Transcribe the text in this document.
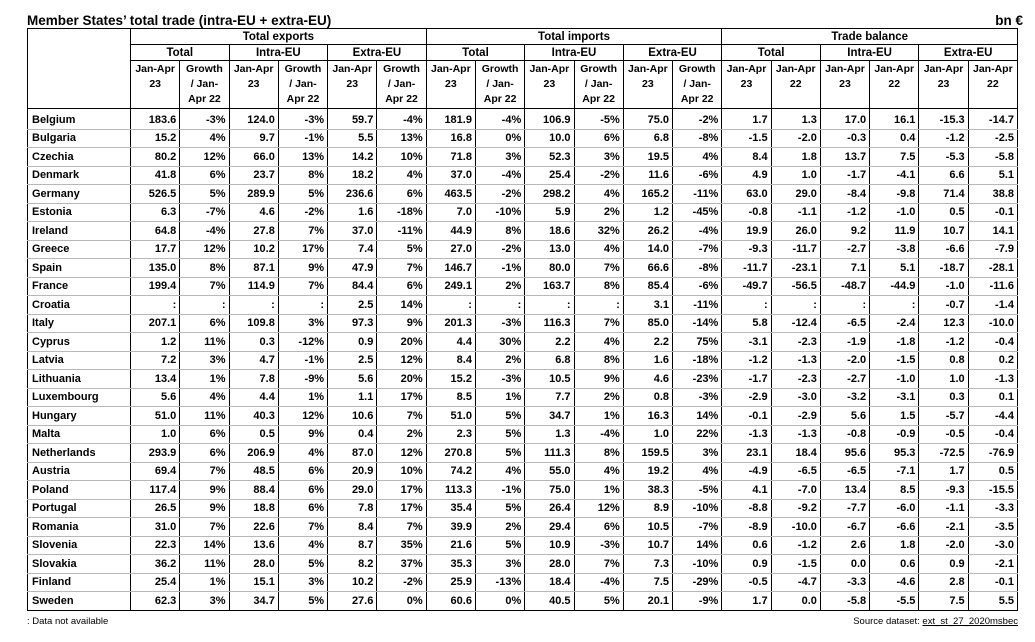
Member States’ total trade (intra-EU + extra-EU)	bn €
	Total exports						Total imports						Trade balance					
	Total		Intra-EU		Extra-EU		Total		Intra-EU		Extra-EU		Total		Intra-EU		Extra-EU	
	Jan-Apr 23	Growth / Jan-Apr 22	Jan-Apr 23	Growth / Jan-Apr 22	Jan-Apr 23	Growth / Jan-Apr 22	Jan-Apr 23	Growth / Jan-Apr 22	Jan-Apr 23	Growth / Jan-Apr 22	Jan-Apr 23	Growth / Jan-Apr 22	Jan-Apr 23	Jan-Apr 22	Jan-Apr 23	Jan-Apr 22	Jan-Apr 23	Jan-Apr 22
Belgium	183.6	-3%	124.0	-3%	59.7	-4%	181.9	-4%	106.9	-5%	75.0	-2%	1.7	1.3	17.0	16.1	-15.3	-14.7
Bulgaria	15.2	4%	9.7	-1%	5.5	13%	16.8	0%	10.0	6%	6.8	-8%	-1.5	-2.0	-0.3	0.4	-1.2	-2.5
Czechia	80.2	12%	66.0	13%	14.2	10%	71.8	3%	52.3	3%	19.5	4%	8.4	1.8	13.7	7.5	-5.3	-5.8
Denmark	41.8	6%	23.7	8%	18.2	4%	37.0	-4%	25.4	-2%	11.6	-6%	4.9	1.0	-1.7	-4.1	6.6	5.1
Germany	526.5	5%	289.9	5%	236.6	6%	463.5	-2%	298.2	4%	165.2	-11%	63.0	29.0	-8.4	-9.8	71.4	38.8
Estonia	6.3	-7%	4.6	-2%	1.6	-18%	7.0	-10%	5.9	2%	1.2	-45%	-0.8	-1.1	-1.2	-1.0	0.5	-0.1
Ireland	64.8	-4%	27.8	7%	37.0	-11%	44.9	8%	18.6	32%	26.2	-4%	19.9	26.0	9.2	11.9	10.7	14.1
Greece	17.7	12%	10.2	17%	7.4	5%	27.0	-2%	13.0	4%	14.0	-7%	-9.3	-11.7	-2.7	-3.8	-6.6	-7.9
Spain	135.0	8%	87.1	9%	47.9	7%	146.7	-1%	80.0	7%	66.6	-8%	-11.7	-23.1	7.1	5.1	-18.7	-28.1
France	199.4	7%	114.9	7%	84.4	6%	249.1	2%	163.7	8%	85.4	-6%	-49.7	-56.5	-48.7	-44.9	-1.0	-11.6
Croatia	:	:	:	:	2.5	14%	:	:	:	:	3.1	-11%	:	:	:	:	-0.7	-1.4
Italy	207.1	6%	109.8	3%	97.3	9%	201.3	-3%	116.3	7%	85.0	-14%	5.8	-12.4	-6.5	-2.4	12.3	-10.0
Cyprus	1.2	11%	0.3	-12%	0.9	20%	4.4	30%	2.2	4%	2.2	75%	-3.1	-2.3	-1.9	-1.8	-1.2	-0.4
Latvia	7.2	3%	4.7	-1%	2.5	12%	8.4	2%	6.8	8%	1.6	-18%	-1.2	-1.3	-2.0	-1.5	0.8	0.2
Lithuania	13.4	1%	7.8	-9%	5.6	20%	15.2	-3%	10.5	9%	4.6	-23%	-1.7	-2.3	-2.7	-1.0	1.0	-1.3
Luxembourg	5.6	4%	4.4	1%	1.1	17%	8.5	1%	7.7	2%	0.8	-3%	-2.9	-3.0	-3.2	-3.1	0.3	0.1
Hungary	51.0	11%	40.3	12%	10.6	7%	51.0	5%	34.7	1%	16.3	14%	-0.1	-2.9	5.6	1.5	-5.7	-4.4
Malta	1.0	6%	0.5	9%	0.4	2%	2.3	5%	1.3	-4%	1.0	22%	-1.3	-1.3	-0.8	-0.9	-0.5	-0.4
Netherlands	293.9	6%	206.9	4%	87.0	12%	270.8	5%	111.3	8%	159.5	3%	23.1	18.4	95.6	95.3	-72.5	-76.9
Austria	69.4	7%	48.5	6%	20.9	10%	74.2	4%	55.0	4%	19.2	4%	-4.9	-6.5	-6.5	-7.1	1.7	0.5
Poland	117.4	9%	88.4	6%	29.0	17%	113.3	-1%	75.0	1%	38.3	-5%	4.1	-7.0	13.4	8.5	-9.3	-15.5
Portugal	26.5	9%	18.8	6%	7.8	17%	35.4	5%	26.4	12%	8.9	-10%	-8.8	-9.2	-7.7	-6.0	-1.1	-3.3
Romania	31.0	7%	22.6	7%	8.4	7%	39.9	2%	29.4	6%	10.5	-7%	-8.9	-10.0	-6.7	-6.6	-2.1	-3.5
Slovenia	22.3	14%	13.6	4%	8.7	35%	21.6	5%	10.9	-3%	10.7	14%	0.6	-1.2	2.6	1.8	-2.0	-3.0
Slovakia	36.2	11%	28.0	5%	8.2	37%	35.3	3%	28.0	7%	7.3	-10%	0.9	-1.5	0.0	0.6	0.9	-2.1
Finland	25.4	1%	15.1	3%	10.2	-2%	25.9	-13%	18.4	-4%	7.5	-29%	-0.5	-4.7	-3.3	-4.6	2.8	-0.1
Sweden	62.3	3%	34.7	5%	27.6	0%	60.6	0%	40.5	5%	20.1	-9%	1.7	0.0	-5.8	-5.5	7.5	5.5
: Data not available	Source dataset: ext_st_27_2020msbec
